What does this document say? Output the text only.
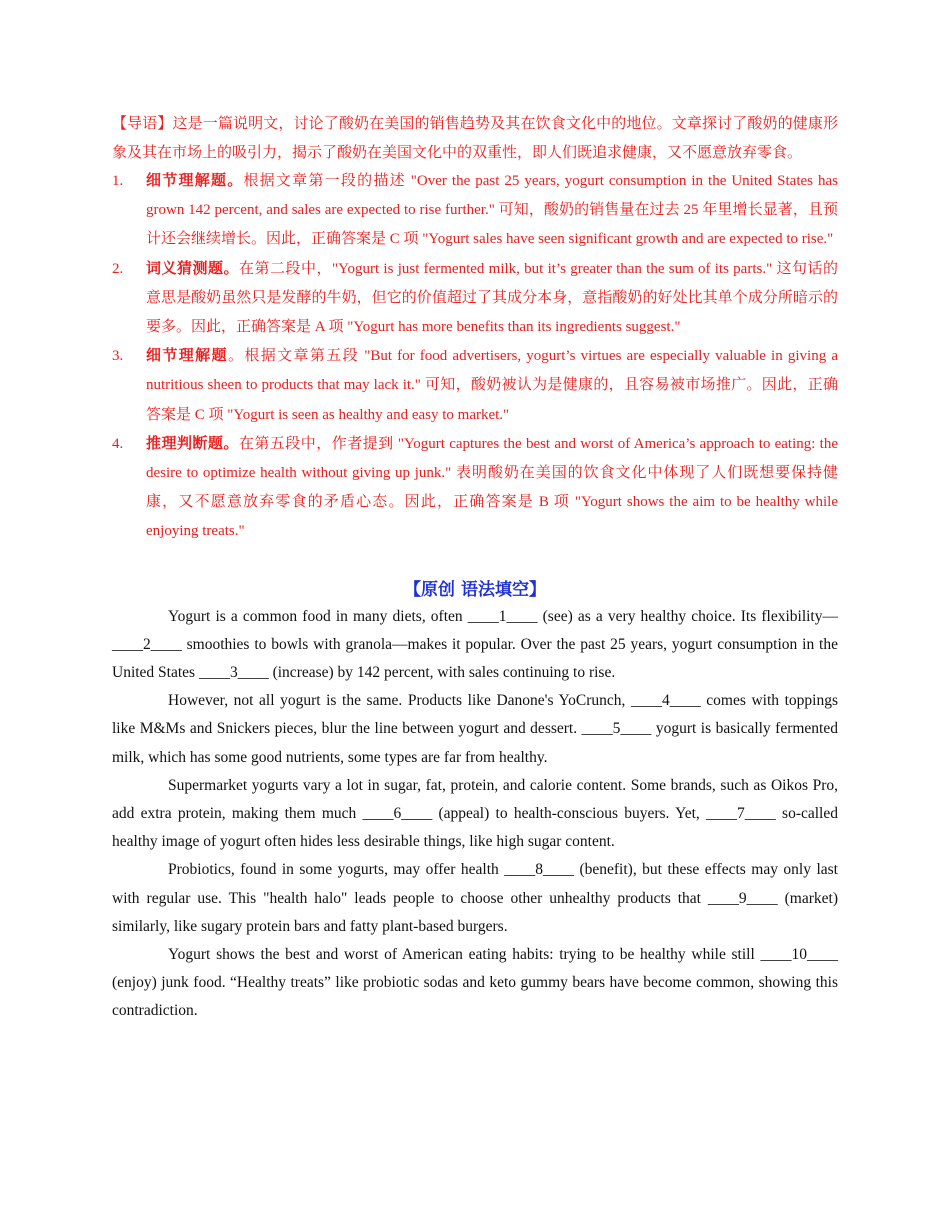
【导语】这是一篇说明文，讨论了酸奶在美国的销售趋势及其在饮食文化中的地位。文章探讨了酸奶的健康形象及其在市场上的吸引力，揭示了酸奶在美国文化中的双重性，即人们既追求健康，又不愿意放弃零食。

1. 细节理解题。根据文章第一段的描述 "Over the past 25 years, yogurt consumption in the United States has grown 142 percent, and sales are expected to rise further." 可知，酸奶的销售量在过去 25 年里增长显著，且预计还会继续增长。因此，正确答案是 C 项 "Yogurt sales have seen significant growth and are expected to rise."
2. 词义猜测题。在第二段中，"Yogurt is just fermented milk, but it’s greater than the sum of its parts." 这句话的意思是酸奶虽然只是发酵的牛奶，但它的价值超过了其成分本身，意指酸奶的好处比其单个成分所暗示的要多。因此，正确答案是 A 项 "Yogurt has more benefits than its ingredients suggest."
3. 细节理解题。根据文章第五段 "But for food advertisers, yogurt’s virtues are especially valuable in giving a nutritious sheen to products that may lack it." 可知，酸奶被认为是健康的，且容易被市场推广。因此，正确答案是 C 项 "Yogurt is seen as healthy and easy to market."
4. 推理判断题。在第五段中，作者提到 "Yogurt captures the best and worst of America’s approach to eating: the desire to optimize health without giving up junk." 表明酸奶在美国的饮食文化中体现了人们既想要保持健康，又不愿意放弃零食的矛盾心态。因此，正确答案是 B 项 "Yogurt shows the aim to be healthy while enjoying treats."
【原创 语法填空】

Yogurt is a common food in many diets, often ____1____ (see) as a very healthy choice. Its flexibility—____2____ smoothies to bowls with granola—makes it popular. Over the past 25 years, yogurt consumption in the United States ____3____ (increase) by 142 percent, with sales continuing to rise.

However, not all yogurt is the same. Products like Danone's YoCrunch, ____4____ comes with toppings like M&Ms and Snickers pieces, blur the line between yogurt and dessert. ____5____ yogurt is basically fermented milk, which has some good nutrients, some types are far from healthy.

Supermarket yogurts vary a lot in sugar, fat, protein, and calorie content. Some brands, such as Oikos Pro, add extra protein, making them much ____6____ (appeal) to health-conscious buyers. Yet, ____7____ so-called healthy image of yogurt often hides less desirable things, like high sugar content.

Probiotics, found in some yogurts, may offer health ____8____ (benefit), but these effects may only last with regular use. This "health halo" leads people to choose other unhealthy products that ____9____ (market) similarly, like sugary protein bars and fatty plant-based burgers.

Yogurt shows the best and worst of American eating habits: trying to be healthy while still ____10____ (enjoy) junk food. “Healthy treats” like probiotic sodas and keto gummy bears have become common, showing this contradiction.
